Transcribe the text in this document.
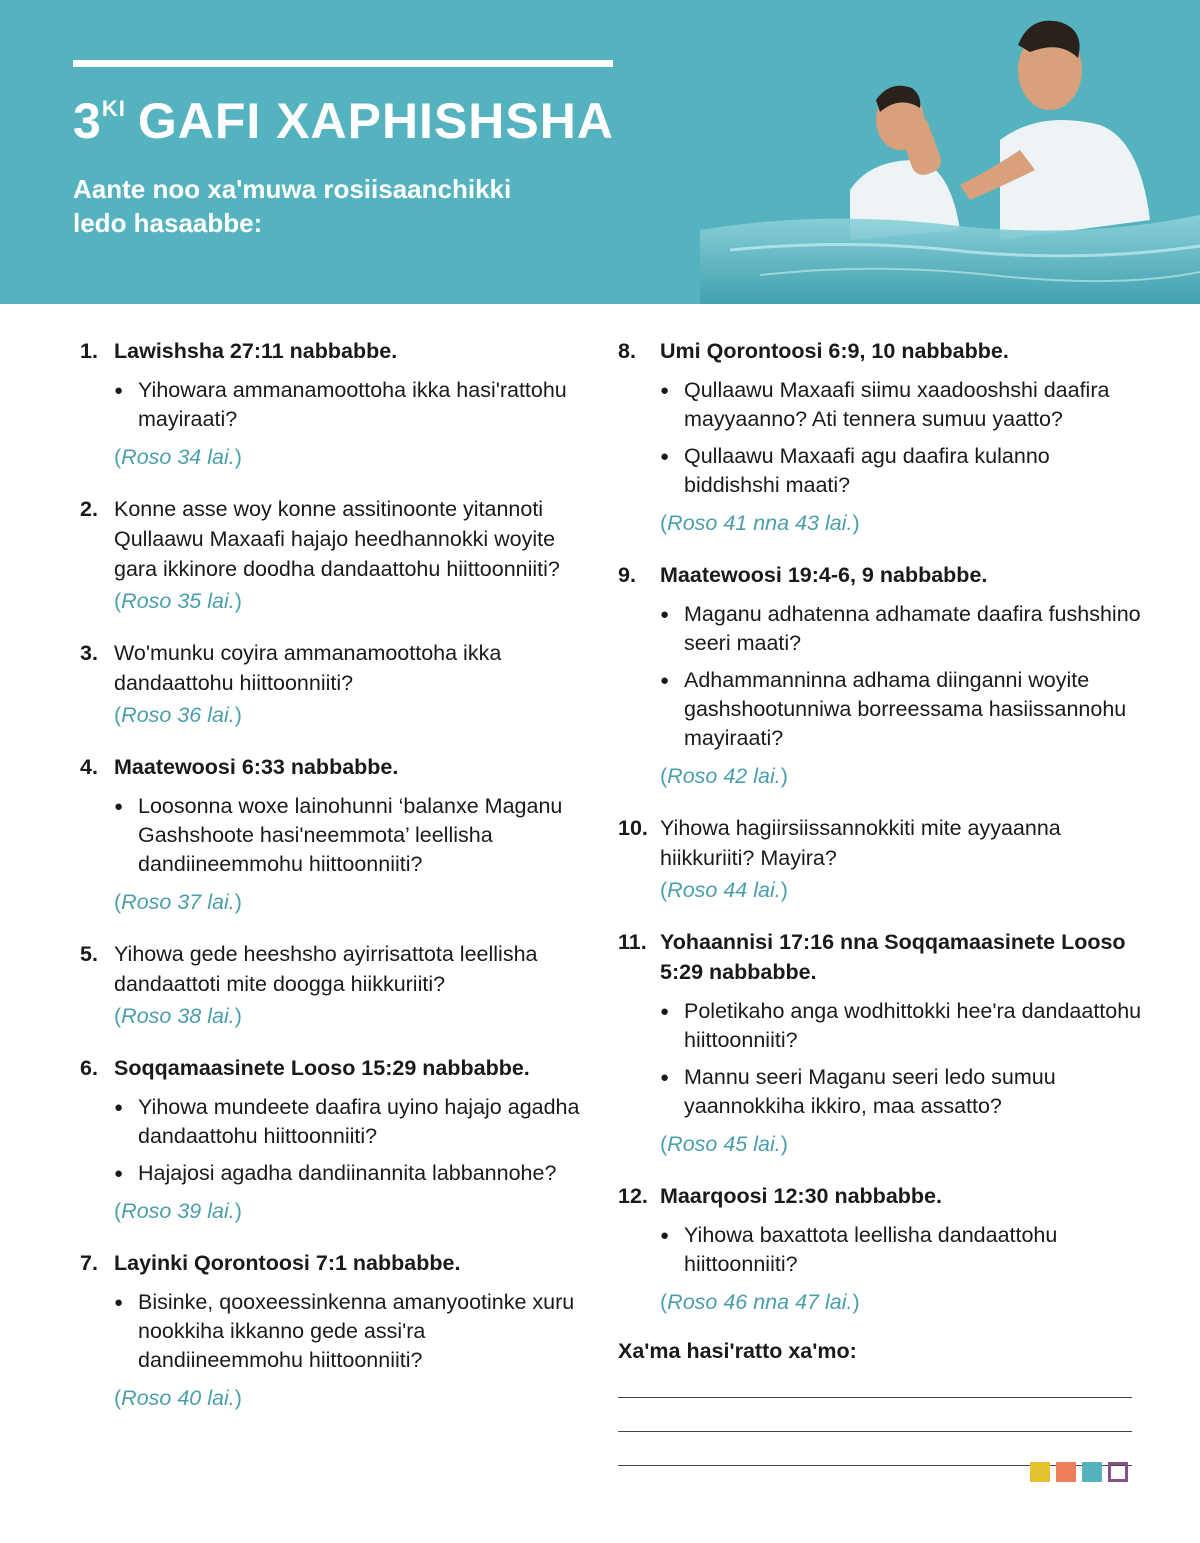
$3^{KI}$ GAFI XAPHISHSHA
Aante noo xa'muwa rosiisaanchikki
ledo hasaabbe:
1. Lawishsha 27:11 nabbabbe.
● Yihowara ammanamoottoha ikka hasi'rattohu mayiraati?
(Roso 34 lai.)
2. Konne asse woy konne assitinoonte yitannoti Qullaawu Maxaafi hajajo heedhannokki woyite gara ikkinore doodha dandaattohu hiittoonniiti?
(Roso 35 lai.)
3. Wo'munku coyira ammanamoottoha ikka dandaattohu hiittoonniiti?
(Roso 36 lai.)
4. Maatewoosi 6:33 nabbabbe.
● Loosonna woxe lainohunni ‘balanxe Maganu Gashshoote hasi'neemmota’ leellisha dandiineemmohu hiittoonniiti?
(Roso 37 lai.)
5. Yihowa gede heeshsho ayirrisattota leellisha dandaattoti mite doogga hiikkuriiti?
(Roso 38 lai.)
6. Soqqamaasinete Looso 15:29 nabbabbe.
● Yihowa mundeete daafira uyino hajajo agadha dandaattohu hiittoonniiti?
● Hajajosi agadha dandiinannita labbannohe?
(Roso 39 lai.)
7. Layinki Qorontoosi 7:1 nabbabbe.
● Bisinke, qooxeessinkenna amanyootinke xuru nookkiha ikkanno gede assi'ra dandiineemmohu hiittoonniiti?
(Roso 40 lai.)
8.	Umi Qorontoosi 6:9, 10 nabbabbe.
● Qullaawu Maxaafi siimu xaadooshshi daafira mayyaanno? Ati tennera sumuu yaatto?
● Qullaawu Maxaafi agu daafira kulanno biddishshi maati?
(Roso 41 nna 43 lai.)
9.	Maatewoosi 19:4-6, 9 nabbabbe.
● Maganu adhatenna adhamate daafira fushshino seeri maati?
● Adhammanninna adhama diinganni woyite gashshootunniwa borreessama hasiissannohu mayiraati?
(Roso 42 lai.)
10. Yihowa hagiirsiissannokkiti mite ayyaanna hiikkuriiti? Mayira?
(Roso 44 lai.)
11. Yohaannisi 17:16 nna Soqqamaasinete Looso 5:29 nabbabbe.
● Poletikaho anga wodhittokki hee'ra dandaattohu hiittoonniiti?
● Mannu seeri Maganu seeri ledo sumuu yaannokkiha ikkiro, maa assatto?
(Roso 45 lai.)
12. Maarqoosi 12:30 nabbabbe.
● Yihowa baxattota leellisha dandaattohu hiittoonniiti?
(Roso 46 nna 47 lai.)
Xa'ma hasi'ratto xa'mo:
